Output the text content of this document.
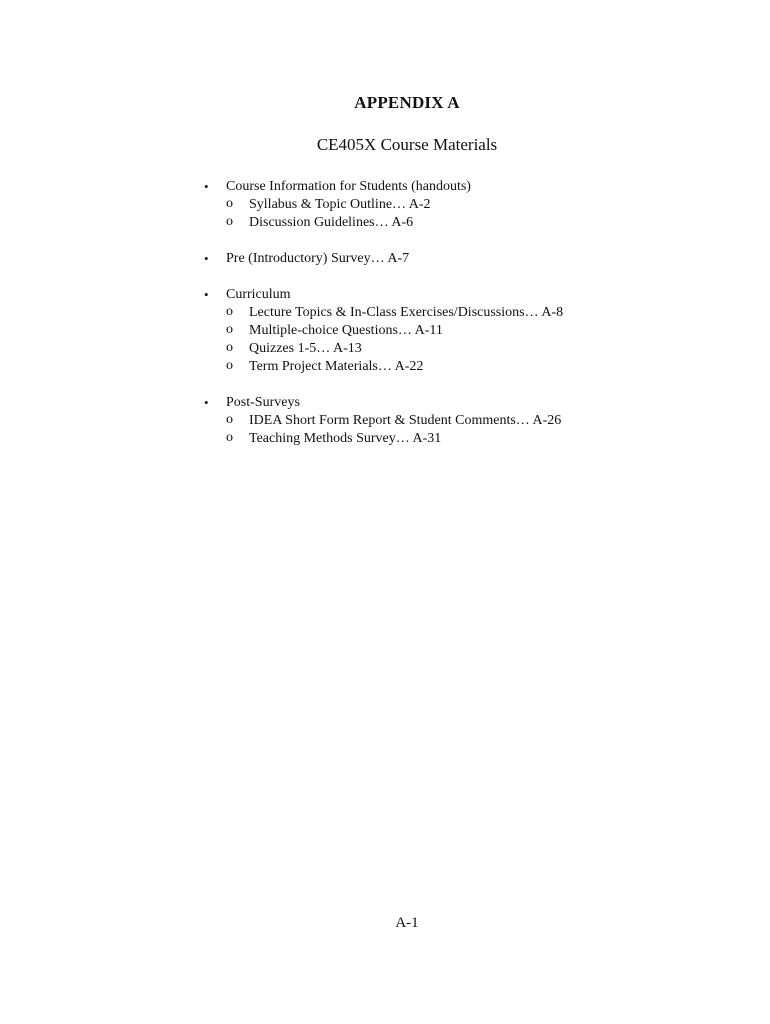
APPENDIX A
CE405X Course Materials
•	Course Information for Students (handouts)
o Syllabus & Topic Outline… A-2
o Discussion Guidelines… A-6
•	Pre (Introductory) Survey… A-7
•	Curriculum
o Lecture Topics & In-Class Exercises/Discussions… A-8
o Multiple-choice Questions… A-11
o Quizzes 1-5… A-13
o Term Project Materials… A-22
•	Post-Surveys
o IDEA Short Form Report & Student Comments… A-26
o Teaching Methods Survey… A-31
A-1
